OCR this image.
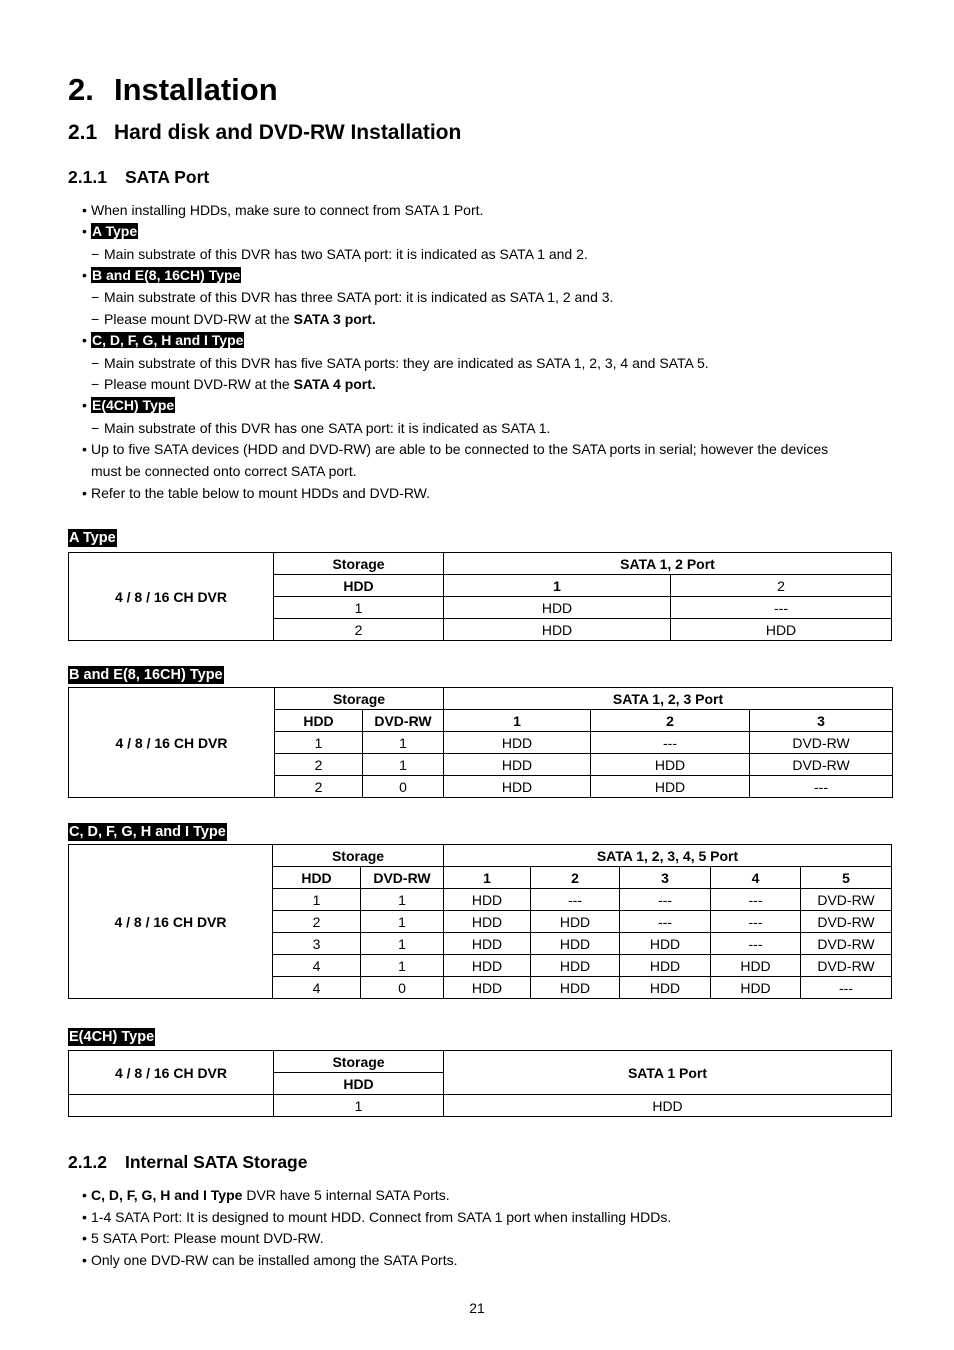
2. Installation
2.1 Hard disk and DVD-RW Installation
2.1.1 SATA Port
• When installing HDDs, make sure to connect from SATA 1 Port.
• A Type
− Main substrate of this DVR has two SATA port: it is indicated as SATA 1 and 2.
• B and E(8, 16CH) Type
− Main substrate of this DVR has three SATA port: it is indicated as SATA 1, 2 and 3.
− Please mount DVD-RW at the SATA 3 port.
• C, D, F, G, H and I Type
− Main substrate of this DVR has five SATA ports: they are indicated as SATA 1, 2, 3, 4 and SATA 5.
− Please mount DVD-RW at the SATA 4 port.
• E(4CH) Type
− Main substrate of this DVR has one SATA port: it is indicated as SATA 1.
• Up to five SATA devices (HDD and DVD-RW) are able to be connected to the SATA ports in serial; however the devices
must be connected onto correct SATA port.
• Refer to the table below to mount HDDs and DVD-RW.
A Type
4 / 8 / 16 CH DVR	Storage	SATA 1, 2 Port	
	HDD	1	2
	1	HDD	---
	2	HDD	HDD
B and E(8, 16CH) Type
4 / 8 / 16 CH DVR	Storage		SATA 1, 2, 3 Port		
	HDD	DVD-RW	1	2	3
	1	1	HDD	---	DVD-RW
	2	1	HDD	HDD	DVD-RW
	2	0	HDD	HDD	---
C, D, F, G, H and I Type
4 / 8 / 16 CH DVR	Storage		SATA 1, 2, 3, 4, 5 Port				
	HDD	DVD-RW	1	2	3	4	5
	1	1	HDD	---	---	---	DVD-RW
	2	1	HDD	HDD	---	---	DVD-RW
	3	1	HDD	HDD	HDD	---	DVD-RW
	4	1	HDD	HDD	HDD	HDD	DVD-RW
	4	0	HDD	HDD	HDD	HDD	---
E(4CH) Type
4 / 8 / 16 CH DVR	Storage	SATA 1 Port
	HDD	
	1	HDD
2.1.2 Internal SATA Storage
• C, D, F, G, H and I Type DVR have 5 internal SATA Ports.
• 1-4 SATA Port: It is designed to mount HDD. Connect from SATA 1 port when installing HDDs.
• 5 SATA Port: Please mount DVD-RW.
• Only one DVD-RW can be installed among the SATA Ports.
21
